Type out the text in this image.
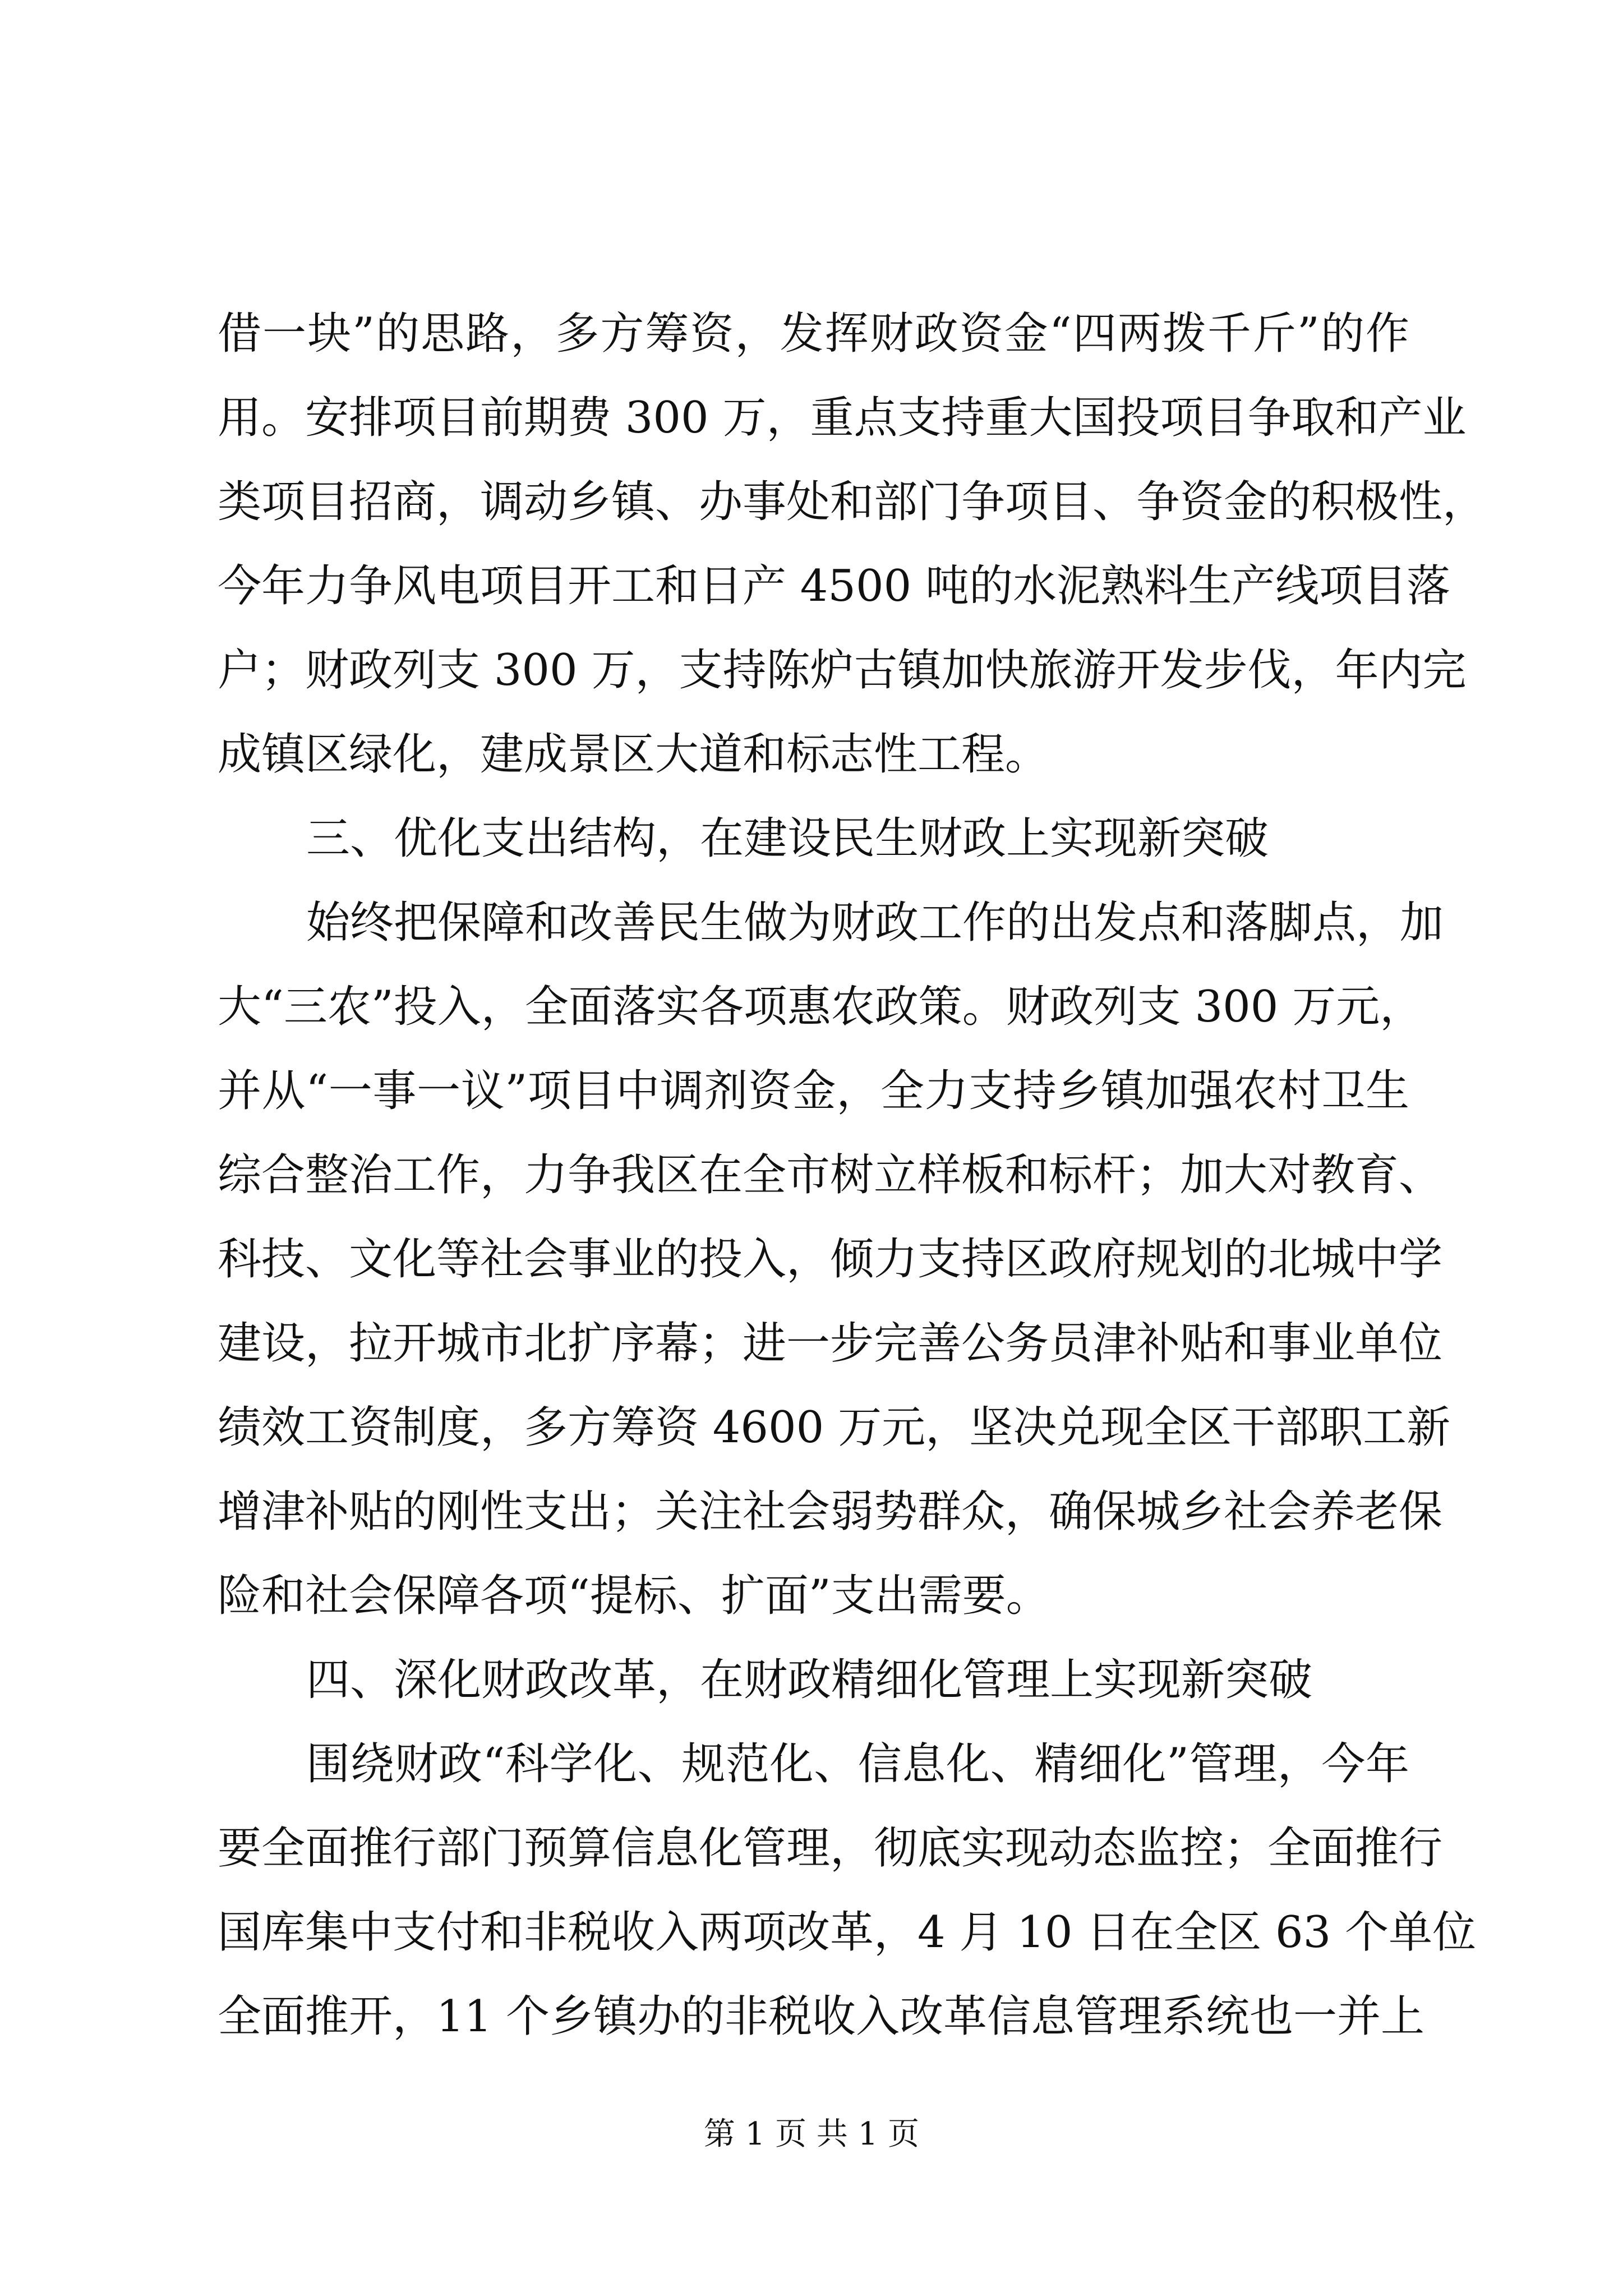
借一块”的思路，多方筹资，发挥财政资金“四两拨千斤”的作
用。安排项目前期费 300 万，重点支持重大国投项目争取和产业
类项目招商，调动乡镇、办事处和部门争项目、争资金的积极性，
今年力争风电项目开工和日产 4500 吨的水泥熟料生产线项目落
户；财政列支 300 万，支持陈炉古镇加快旅游开发步伐，年内完
成镇区绿化，建成景区大道和标志性工程。
三、优化支出结构，在建设民生财政上实现新突破
始终把保障和改善民生做为财政工作的出发点和落脚点，加
大“三农”投入，全面落实各项惠农政策。财政列支 300 万元，
并从“一事一议”项目中调剂资金，全力支持乡镇加强农村卫生
综合整治工作，力争我区在全市树立样板和标杆；加大对教育、
科技、文化等社会事业的投入，倾力支持区政府规划的北城中学
建设，拉开城市北扩序幕；进一步完善公务员津补贴和事业单位
绩效工资制度，多方筹资 4600 万元，坚决兑现全区干部职工新
增津补贴的刚性支出；关注社会弱势群众，确保城乡社会养老保
险和社会保障各项“提标、扩面”支出需要。
四、深化财政改革，在财政精细化管理上实现新突破
围绕财政“科学化、规范化、信息化、精细化”管理，今年
要全面推行部门预算信息化管理，彻底实现动态监控；全面推行
国库集中支付和非税收入两项改革，4 月 10 日在全区 63 个单位
全面推开，11 个乡镇办的非税收入改革信息管理系统也一并上
第 1 页 共 1 页
